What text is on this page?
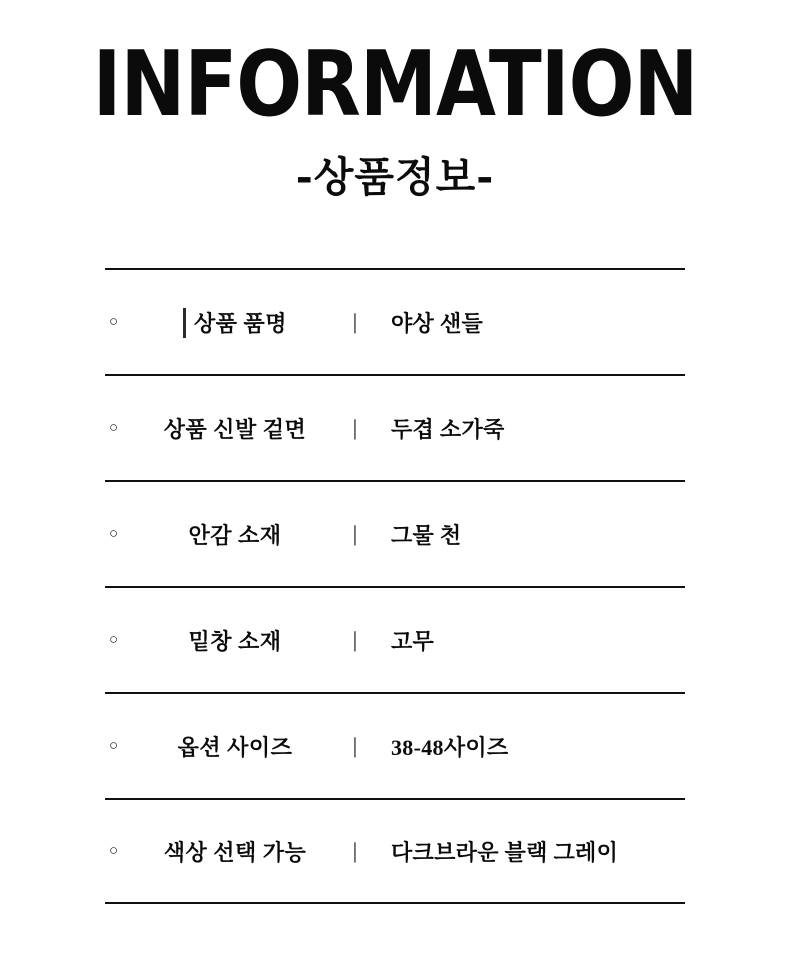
INFORMATION
-상품정보-
○	상품 품명	|	야상 샌들
○	상품 신발 겉면	|	두겹 소가죽
○	안감 소재	|	그물 천
○	밑창 소재	|	고무
○	옵션 사이즈	|	38-48사이즈
○	색상 선택 가능	|	다크브라운 블랙 그레이
